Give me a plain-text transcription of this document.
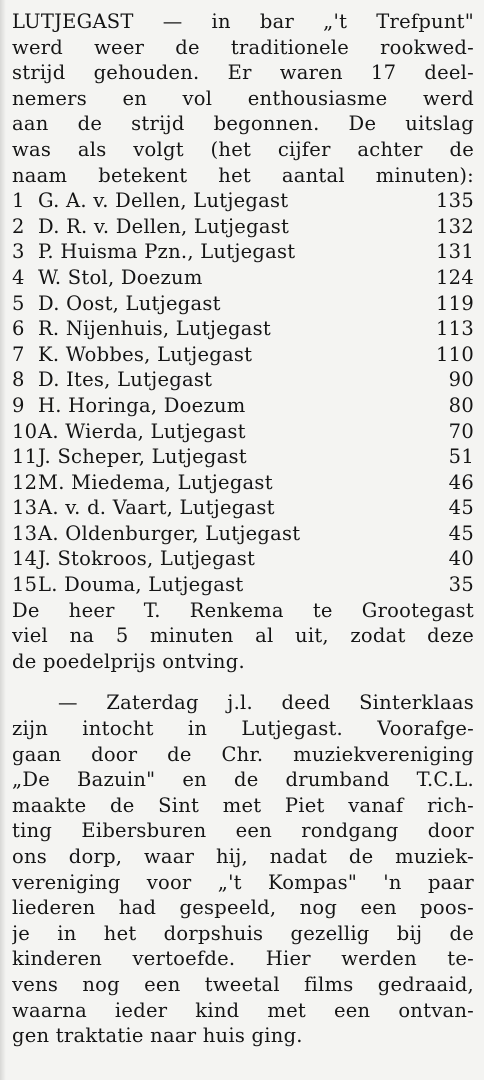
LUTJEGAST — in bar „'t Trefpunt"
werd weer de traditionele rookwed-
strijd gehouden. Er waren 17 deel-
nemers en vol enthousiasme werd
aan de strijd begonnen. De uitslag
was als volgt (het cijfer achter de
naam betekent het aantal minuten):
1 G. A. v. Dellen, Lutjegast	135
2 D. R. v. Dellen, Lutjegast	132
3 P. Huisma Pzn., Lutjegast	131
4 W. Stol, Doezum	124
5 D. Oost, Lutjegast	119
6 R. Nijenhuis, Lutjegast	113
7 K. Wobbes, Lutjegast	110
8 D. Ites, Lutjegast	90
9 H. Horinga, Doezum	80
10A. Wierda, Lutjegast	70
11J. Scheper, Lutjegast	51
12M. Miedema, Lutjegast	46
13A. v. d. Vaart, Lutjegast	45
13A. Oldenburger, Lutjegast	45
14J. Stokroos, Lutjegast	40
15L. Douma, Lutjegast	35
De heer T. Renkema te Grootegast
viel na 5 minuten al uit, zodat deze
de poedelprijs ontving.
— Zaterdag j.l. deed Sinterklaas
zijn intocht in Lutjegast. Voorafge-
gaan door de Chr. muziekvereniging
„De Bazuin" en de drumband T.C.L.
maakte de Sint met Piet vanaf rich-
ting Eibersburen een rondgang door
ons dorp, waar hij, nadat de muziek-
vereniging voor „'t Kompas" 'n paar
liederen had gespeeld, nog een poos-
je in het dorpshuis gezellig bij de
kinderen vertoefde. Hier werden te-
vens nog een tweetal films gedraaid,
waarna ieder kind met een ontvan-
gen traktatie naar huis ging.
